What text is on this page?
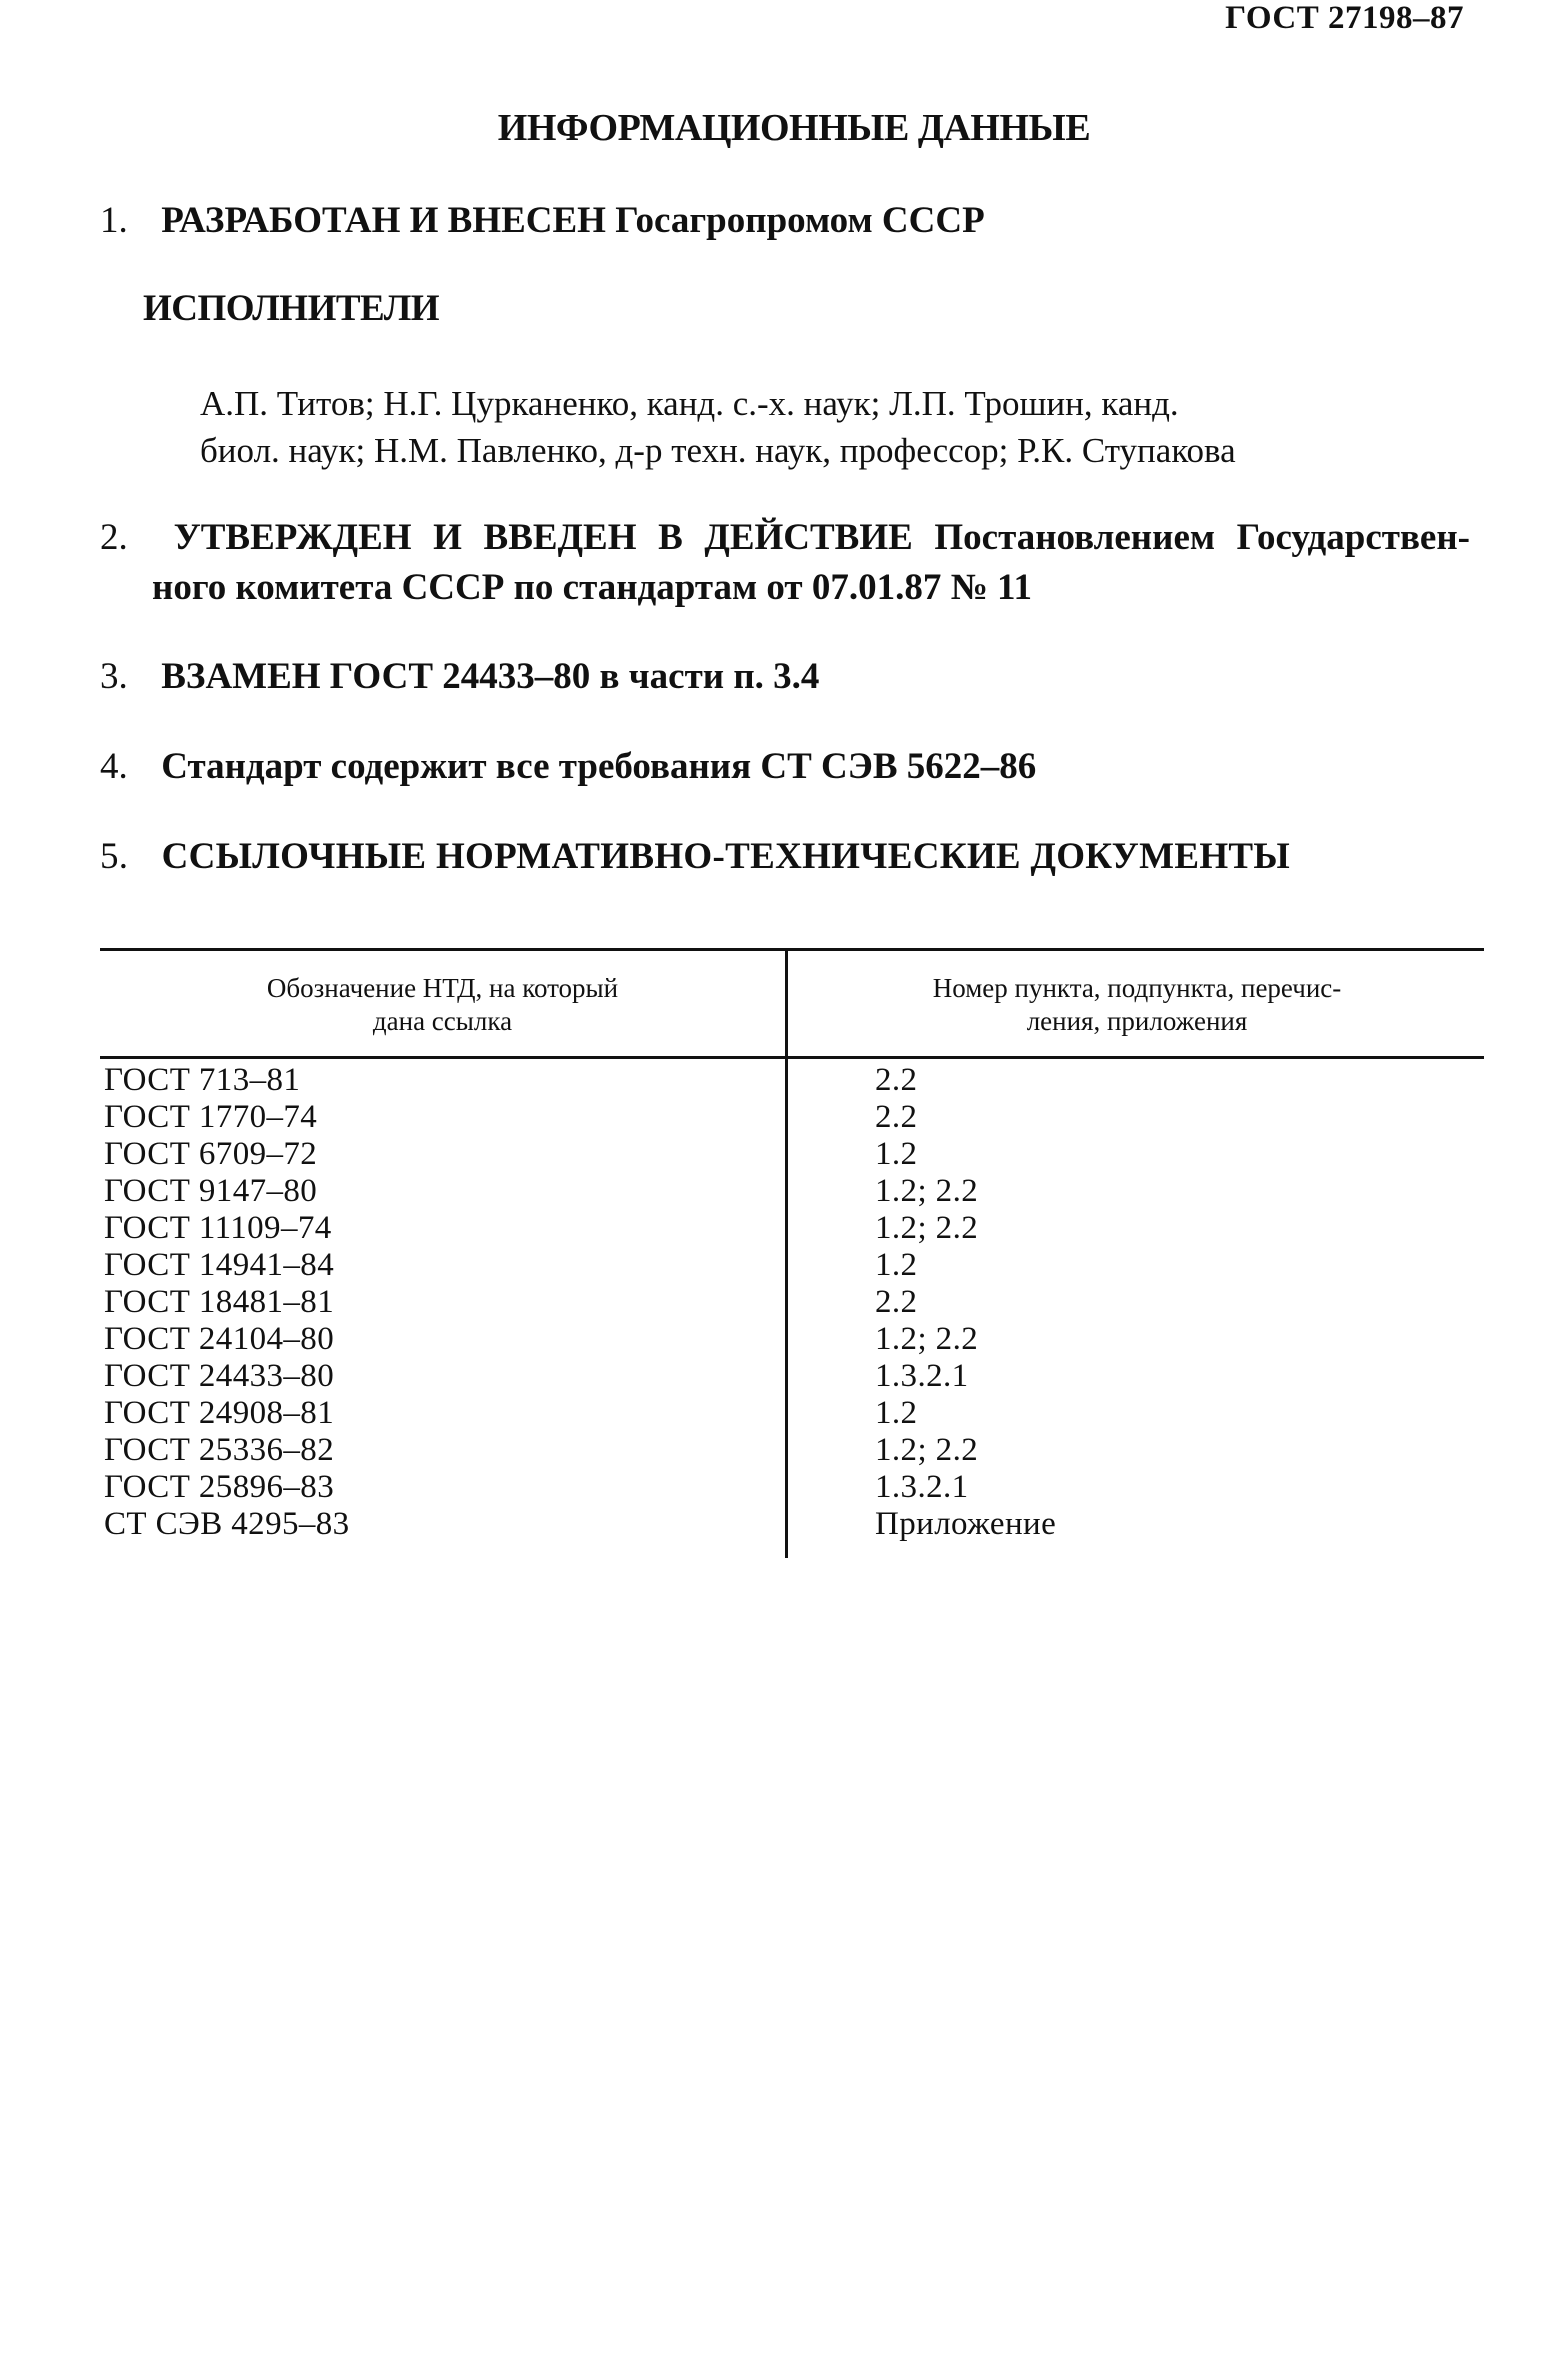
ГОСТ 27198–87
ИНФОРМАЦИОННЫЕ ДАННЫЕ
1. РАЗРАБОТАН И ВНЕСЕН Госагропромом СССР
ИСПОЛНИТЕЛИ

А.П. Титов; Н.Г. Цурканенко, канд. с.-х. наук; Л.П. Трошин, канд.

биол. наук; Н.М. Павленко, д-р техн. наук, профессор; Р.К. Ступакова

2. УТВЕРЖДЕН И ВВЕДЕН В ДЕЙСТВИЕ Постановлением Государствен-
ного комитета СССР по стандартам от 07.01.87 № 11
3. ВЗАМЕН ГОСТ 24433–80 в части п. 3.4
4. Стандарт содержит все требования СТ СЭВ 5622–86
5. ССЫЛОЧНЫЕ НОРМАТИВНО-ТЕХНИЧЕСКИЕ ДОКУМЕНТЫ
Обозначение НТД, на который
дана ссылка
Номер пункта, подпункта, перечис-
ления, приложения
ГОСТ 713–81	2.2
ГОСТ 1770–74	2.2
ГОСТ 6709–72	1.2
ГОСТ 9147–80	1.2; 2.2
ГОСТ 11109–74	1.2; 2.2
ГОСТ 14941–84	1.2
ГОСТ 18481–81	2.2
ГОСТ 24104–80	1.2; 2.2
ГОСТ 24433–80	1.3.2.1
ГОСТ 24908–81	1.2
ГОСТ 25336–82	1.2; 2.2
ГОСТ 25896–83	1.3.2.1
СТ СЭВ 4295–83	Приложение
